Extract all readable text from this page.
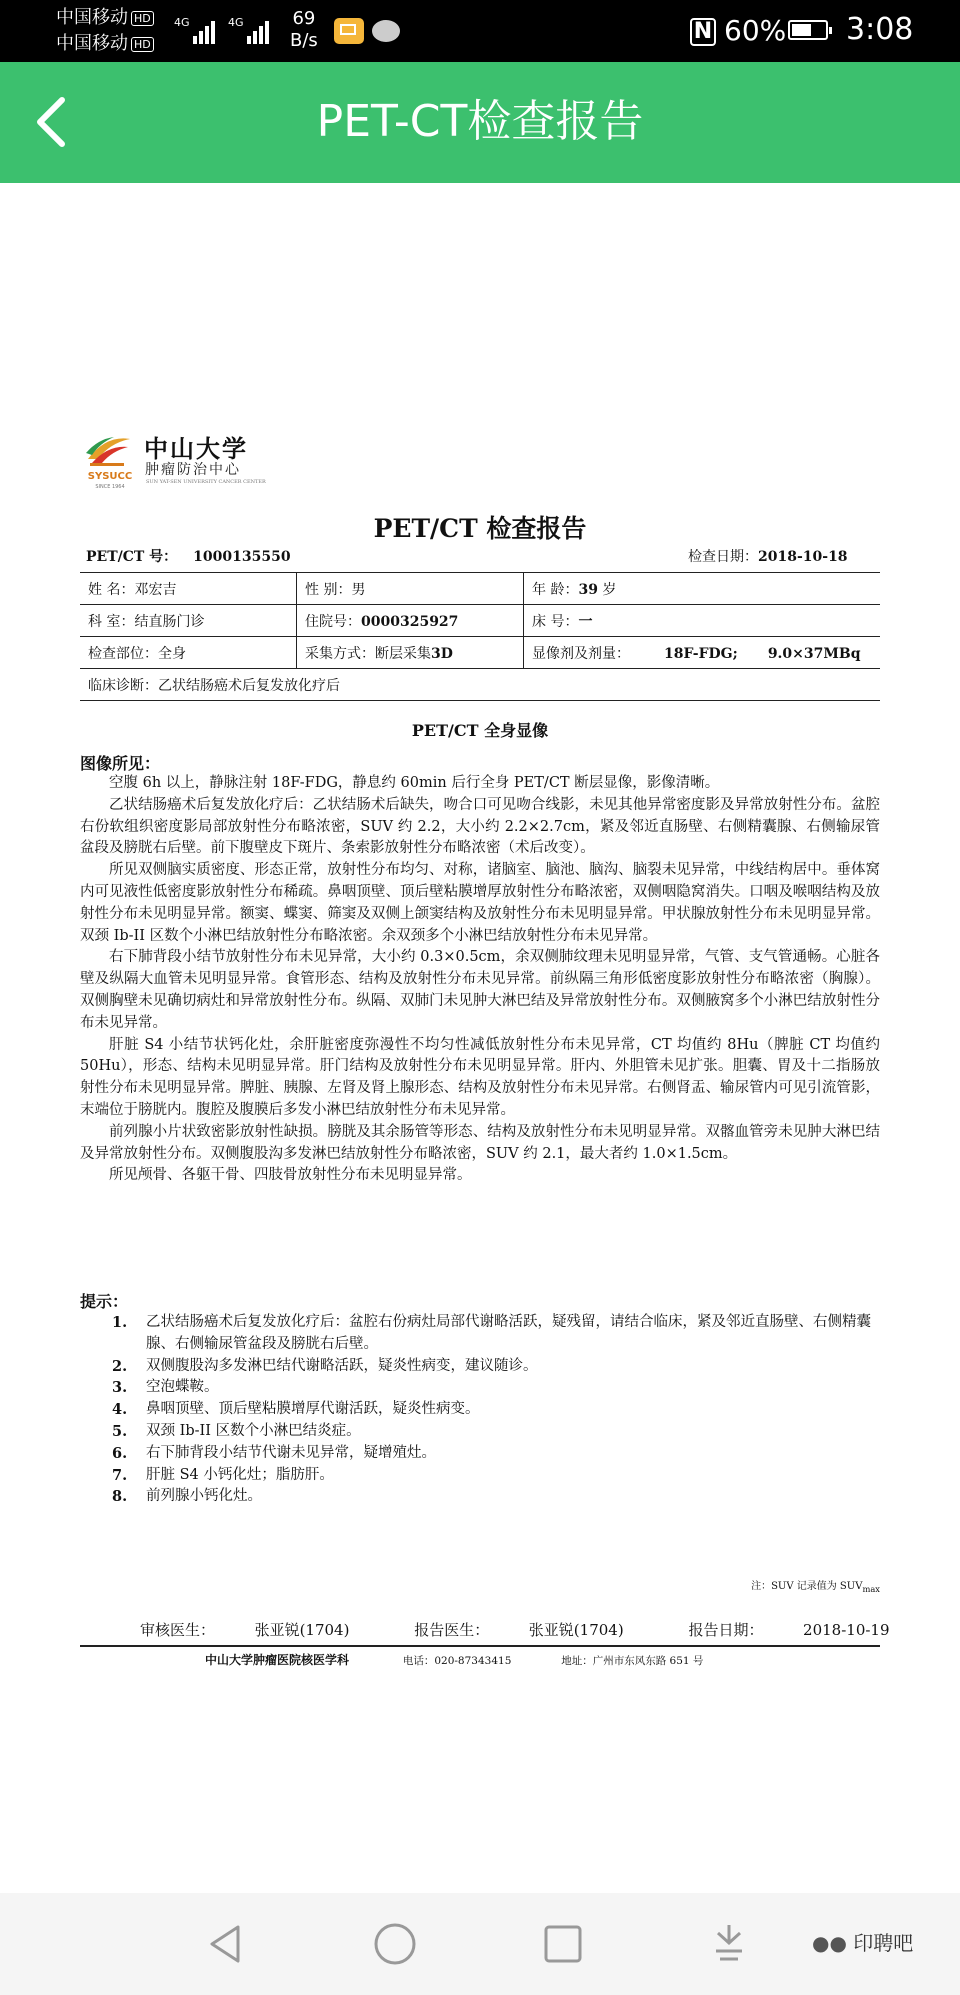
中国移动 HD
中国移动 HD
4G	4G	69
B/s	N 60% 3:08
PET-CT检查报告
SYSUCC
SINCE 1964
中山大学
肿瘤防治中心
SUN YAT-SEN UNIVERSITY CANCER CENTER
PET/CT 检查报告
PET/CT 号： 1000135550	检查日期：2018-10-18
姓 名：邓宏吉	性 别：男	年 龄：39 岁
科 室：结直肠门诊	住院号：0000325927	床 号：一
检查部位：全身	采集方式：断层采集3D	显像剂及剂量： 18F-FDG; 9.0×37MBq
临床诊断：乙状结肠癌术后复发放化疗后		
PET/CT 全身显像
图像所见：

空腹 6h 以上，静脉注射 18F-FDG，静息约 60min 后行全身 PET/CT 断层显像，影像清晰。

乙状结肠癌术后复发放化疗后：乙状结肠术后缺失，吻合口可见吻合线影，未见其他异常密度影及异常放射性分布。盆腔右份软组织密度影局部放射性分布略浓密，SUV 约 2.2，大小约 2.2×2.7cm，紧及邻近直肠壁、右侧精囊腺、右侧输尿管盆段及膀胱右后壁。前下腹壁皮下斑片、条索影放射性分布略浓密（术后改变）。

所见双侧脑实质密度、形态正常，放射性分布均匀、对称，诸脑室、脑池、脑沟、脑裂未见异常，中线结构居中。垂体窝内可见液性低密度影放射性分布稀疏。鼻咽顶壁、顶后壁粘膜增厚放射性分布略浓密，双侧咽隐窝消失。口咽及喉咽结构及放射性分布未见明显异常。额窦、蝶窦、筛窦及双侧上颌窦结构及放射性分布未见明显异常。甲状腺放射性分布未见明显异常。双颈 Ib-II 区数个小淋巴结放射性分布略浓密。余双颈多个小淋巴结放射性分布未见异常。

右下肺背段小结节放射性分布未见异常，大小约 0.3×0.5cm，余双侧肺纹理未见明显异常，气管、支气管通畅。心脏各壁及纵隔大血管未见明显异常。食管形态、结构及放射性分布未见异常。前纵隔三角形低密度影放射性分布略浓密（胸腺）。双侧胸壁未见确切病灶和异常放射性分布。纵隔、双肺门未见肿大淋巴结及异常放射性分布。双侧腋窝多个小淋巴结放射性分布未见异常。

肝脏 S4 小结节状钙化灶，余肝脏密度弥漫性不均匀性减低放射性分布未见异常，CT 均值约 8Hu（脾脏 CT 均值约 50Hu），形态、结构未见明显异常。肝门结构及放射性分布未见明显异常。肝内、外胆管未见扩张。胆囊、胃及十二指肠放射性分布未见明显异常。脾脏、胰腺、左肾及肾上腺形态、结构及放射性分布未见异常。右侧肾盂、输尿管内可见引流管影，末端位于膀胱内。腹腔及腹膜后多发小淋巴结放射性分布未见异常。

前列腺小片状致密影放射性缺损。膀胱及其余肠管等形态、结构及放射性分布未见明显异常。双髂血管旁未见肿大淋巴结及异常放射性分布。双侧腹股沟多发淋巴结放射性分布略浓密，SUV 约 2.1，最大者约 1.0×1.5cm。

所见颅骨、各躯干骨、四肢骨放射性分布未见明显异常。

提示：
1. 乙状结肠癌术后复发放化疗后：盆腔右份病灶局部代谢略活跃，疑残留，请结合临床，紧及邻近直肠壁、右侧精囊腺、右侧输尿管盆段及膀胱右后壁。
2. 双侧腹股沟多发淋巴结代谢略活跃，疑炎性病变，建议随诊。
3. 空泡蝶鞍。
4. 鼻咽顶壁、顶后壁粘膜增厚代谢活跃，疑炎性病变。
5. 双颈 Ib-II 区数个小淋巴结炎症。
6. 右下肺背段小结节代谢未见异常，疑增殖灶。
7. 肝脏 S4 小钙化灶；脂肪肝。
8. 前列腺小钙化灶。
注：SUV 记录值为 $SUV_{max}$
审核医生：	张亚锐(1704)	报告医生：	张亚锐(1704)	报告日期：	2018-10-19
中山大学肿瘤医院核医学科	电话：020-87343415	地址：广州市东风东路 651 号
●● 印聘吧
